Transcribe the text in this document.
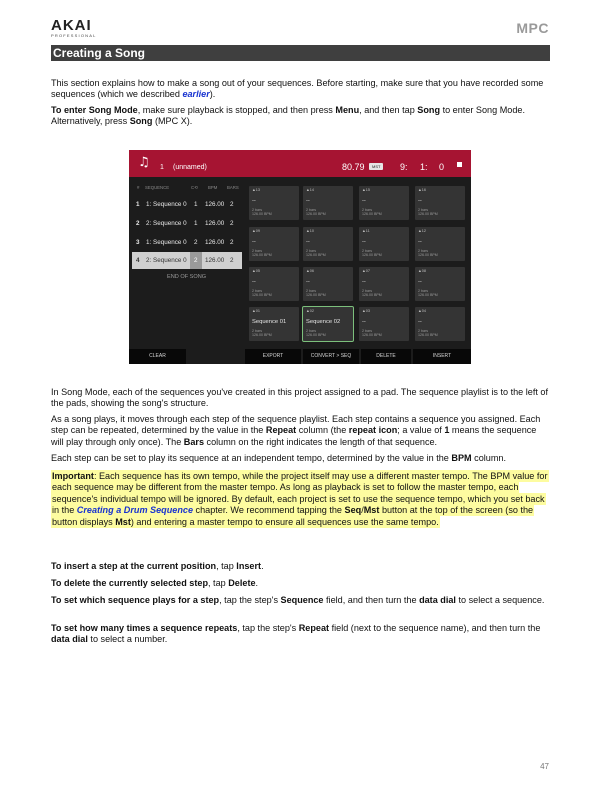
AKAI
PROFESSIONAL	MPC
Creating a Song
This section explains how to make a song out of your sequences. Before starting, make sure that you have recorded some sequences (which we described earlier).
To enter Song Mode, make sure playback is stopped, and then press Menu, and then tap Song to enter Song Mode. Alternatively, press Song (MPC X).
♫ 1 (unnamed)	80.79	MST	9: 1: 0
# SEQUENCE	C⟲ BPM BARS
1 1: Sequence 0 1 126.00 2
2 2: Sequence 0 1 126.00 2
3 1: Sequence 0 2 126.00 2
4 2: Sequence 0 2 126.00 2
END OF SONG
▲13
--
2 bars
126.00 BPM
▲14
--
2 bars
126.00 BPM
▲15
--
2 bars
126.00 BPM
▲16
--
2 bars
126.00 BPM
▲09
--
2 bars
126.00 BPM
▲10
--
2 bars
126.00 BPM
▲11
--
2 bars
126.00 BPM
▲12
--
2 bars
126.00 BPM
▲05
--
2 bars
126.00 BPM
▲06
--
2 bars
126.00 BPM
▲07
--
2 bars
126.00 BPM
▲08
--
2 bars
126.00 BPM
▲01
Sequence 01
2 bars
126.00 BPM
▲02
Sequence 02
2 bars
126.00 BPM
▲03
--
2 bars
126.00 BPM
▲04
--
2 bars
126.00 BPM
CLEAR	EXPORT	CONVERT > SEQ	DELETE	INSERT
In Song Mode, each of the sequences you've created in this project assigned to a pad. The sequence playlist is to the left of the pads, showing the song's structure.
As a song plays, it moves through each step of the sequence playlist. Each step contains a sequence you assigned. Each step can be repeated, determined by the value in the Repeat column (the repeat icon; a value of 1 means the sequence will play through only once). The Bars column on the right indicates the length of that sequence.
Each step can be set to play its sequence at an independent tempo, determined by the value in the BPM column.
Important: Each sequence has its own tempo, while the project itself may use a different master tempo. The BPM value for each sequence may be different from the master tempo. As long as playback is set to follow the master tempo, each sequence's individual tempo will be ignored. By default, each project is set to use the sequence tempo, which you set back in the Creating a Drum Sequence chapter. We recommend tapping the Seq/Mst button at the top of the screen (so the button displays Mst) and entering a master tempo to ensure all sequences use the same tempo.
To insert a step at the current position, tap Insert.
To delete the currently selected step, tap Delete.
To set which sequence plays for a step, tap the step's Sequence field, and then turn the data dial to select a sequence.
To set how many times a sequence repeats, tap the step's Repeat field (next to the sequence name), and then turn the data dial to select a number.
47
